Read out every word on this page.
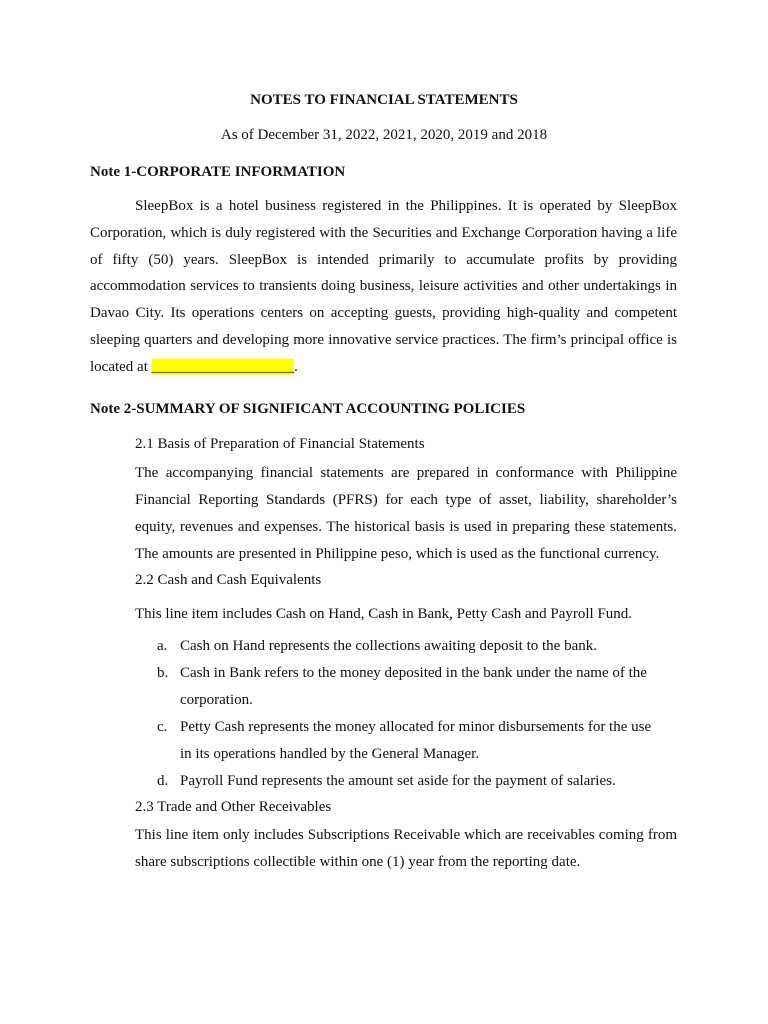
NOTES TO FINANCIAL STATEMENTS
As of December 31, 2022, 2021, 2020, 2019 and 2018
Note 1-CORPORATE INFORMATION
SleepBox is a hotel business registered in the Philippines. It is operated by SleepBox Corporation, which is duly registered with the Securities and Exchange Corporation having a life of fifty (50) years. SleepBox is intended primarily to accumulate profits by providing accommodation services to transients doing business, leisure activities and other undertakings in Davao City. Its operations centers on accepting guests, providing high-quality and competent sleeping quarters and developing more innovative service practices. The firm’s principal office is located at ___________________.
Note 2-SUMMARY OF SIGNIFICANT ACCOUNTING POLICIES
2.1 Basis of Preparation of Financial Statements
The accompanying financial statements are prepared in conformance with Philippine Financial Reporting Standards (PFRS) for each type of asset, liability, shareholder’s equity, revenues and expenses. The historical basis is used in preparing these statements. The amounts are presented in Philippine peso, which is used as the functional currency.
2.2 Cash and Cash Equivalents
This line item includes Cash on Hand, Cash in Bank, Petty Cash and Payroll Fund.
a. Cash on Hand represents the collections awaiting deposit to the bank.
b. Cash in Bank refers to the money deposited in the bank under the name of the corporation.
c. Petty Cash represents the money allocated for minor disbursements for the use in its operations handled by the General Manager.
d. Payroll Fund represents the amount set aside for the payment of salaries.
2.3 Trade and Other Receivables
This line item only includes Subscriptions Receivable which are receivables coming from share subscriptions collectible within one (1) year from the reporting date.
